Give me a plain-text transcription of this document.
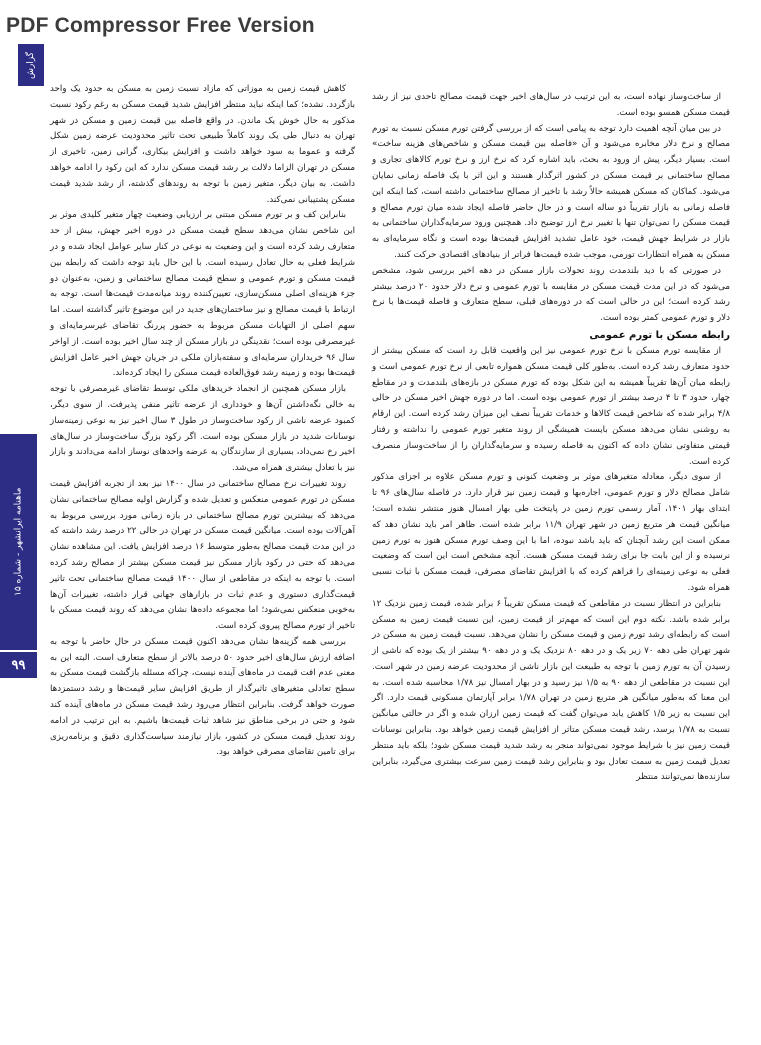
PDF Compressor Free Version
گزارش
ماهنامه ایرانشهر - شماره ۱۵
۹۹

از ساخت‌وساز نهاده است، به این ترتیب در سال‌های اخیر جهت قیمت مصالح تاحدی نیز از رشد قیمت مسکن همسو بوده است.

در بین میان آنچه اهمیت دارد توجه به پیامی است که از بررسی گرفتن تورم مسکن نسبت به تورم مصالح و نرخ دلار مخابره می‌شود و آن «فاصله بین قیمت مسکن و شاخص‌های هزینه ساخت» است. بسیار دیگر، پیش از ورود به بحث، باید اشاره کرد که نرخ ارز و نرخ تورم کالاهای تجاری و مصالح ساختمانی بر قیمت مسکن در کشور اثرگذار هستند و این اثر با یک فاصله زمانی نمایان می‌شود. کماکان که مسکن همیشه حالاً رشد با تاخیر از مصالح ساختمانی داشته است، کما اینکه این فاصله زمانی به بازار تقریباً دو ساله است و در حال حاضر فاصله ایجاد شده میان تورم مصالح و قیمت مسکن را نمی‌توان تنها با تغییر نرخ ارز توضیح داد. همچنین ورود سرمایه‌گذاران ساختمانی به بازار در شرایط جهش قیمت، خود عامل تشدید افزایش قیمت‌ها بوده است و نگاه سرمایه‌ای به مسکن به همراه انتظارات تورمی، موجب شده قیمت‌ها فراتر از بنیادهای اقتصادی حرکت کنند.

در صورتی که با دید بلندمدت روند تحولات بازار مسکن در دهه اخیر بررسی شود، مشخص می‌شود که در این مدت قیمت مسکن در مقایسه با تورم عمومی و نرخ دلار حدود ۲۰ درصد بیشتر رشد کرده است؛ این در حالی است که در دوره‌های قبلی، سطح متعارف و فاصله قیمت‌ها با نرخ دلار و تورم عمومی کمتر بوده است.

رابطه مسکن با تورم عمومی

از مقایسه تورم مسکن با نرخ تورم عمومی نیز این واقعیت قابل رد است که مسکن بیشتر از حدود متعارف رشد کرده است. به‌طور کلی قیمت مسکن همواره تابعی از نرخ تورم عمومی است و رابطه میان آن‌ها تقریباً همیشه به این شکل بوده که تورم مسکن در بازه‌های بلندمدت و در مقاطع چهار، حدود ۳ تا ۴ درصد بیشتر از تورم عمومی بوده است. اما در دوره جهش اخیر مسکن در حالی ۴/۸ برابر شده که شاخص قیمت کالاها و خدمات تقریباً نصف این میزان رشد کرده است. این ارقام به روشنی نشان می‌دهد مسکن بایست همیشگی از روند متغیر تورم عمومی را نداشته و رفتار قیمتی متفاوتی نشان داده که اکنون به فاصله رسیده و سرمایه‌گذاران را از ساخت‌وساز منصرف کرده است.

از سوی دیگر، معادله متغیرهای موثر بر وضعیت کنونی و تورم مسکن علاوه بر اجزای مذکور شامل مصالح دلار و تورم عمومی، اجاره‌بها و قیمت زمین نیز قرار دارد. در فاصله سال‌های ۹۶ تا ابتدای بهار ۱۴۰۱، آمار رسمی تورم زمین در پایتخت طی بهار امسال هنوز منتشر نشده است؛ میانگین قیمت هر متربع زمین در شهر تهران ۱۱/۹ برابر شده است. ظاهر امر باید نشان دهد که ممکن است این رشد آنچنان که باید باشد نبوده، اما با این وصف تورم مسکن هنوز به تورم زمین نرسیده و از این بابت جا برای رشد قیمت مسکن هست. آنچه مشخص است این است که وضعیت فعلی به نوعی زمینه‌ای را فراهم کرده که با افزایش تقاضای مصرفی، قیمت مسکن با ثبات نسبی همراه شود.

بنابراین در انتظار نسبت در مقاطعی که قیمت مسکن تقریباً ۶ برابر شده، قیمت زمین نزدیک ۱۲ برابر شده باشد. نکته دوم این است که مهم‌تر از قیمت زمین، این نسبت قیمت زمین به مسکن است که رابطه‌ای رشد تورم زمین و قیمت مسکن را نشان می‌دهد. نسبت قیمت زمین به مسکن در شهر تهران طی دهه ۷۰ زیر یک و در دهه ۸۰ نزدیک یک و در دهه ۹۰ بیشتر از یک بوده که ناشی از رسیدن آن به تورم زمین با توجه به طبیعت این بازار ناشی از محدودیت عرضه زمین در شهر است. این نسبت در مقاطعی از دهه ۹۰ به ۱/۵ نیز رسید و در بهار امسال نیز ۱/۷۸ محاسبه شده است. به این معنا که به‌طور میانگین هر متربع زمین در تهران ۱/۷۸ برابر آپارتمان مسکونی قیمت دارد. اگر این نسبت به زیر ۱/۵ کاهش یابد می‌توان گفت که قیمت زمین ارزان شده و اگر در حالتی میانگین نسبت به ۱/۷۸ برسد، رشد قیمت مسکن متاثر از افزایش قیمت زمین خواهد بود. بنابراین نوسانات قیمت زمین نیز با شرایط موجود نمی‌تواند منجر به رشد شدید قیمت مسکن شود؛ بلکه باید منتظر تعدیل قیمت زمین به سمت تعادل بود و بنابراین رشد قیمت زمین سرعت بیشتری می‌گیرد، بنابراین سازنده‌ها نمی‌توانند منتظر

کاهش قیمت زمین به موزاتی که مازاد نسبت زمین به مسکن به حدود یک واحد بازگردد. نشده؛ کما اینکه نباید منتظر افزایش شدید قیمت مسکن به رغم رکود نسبت مذکور به حال خوش یک ماندن. در واقع فاصله بین قیمت زمین و مسکن در شهر تهران به دنبال طی یک روند کاملاً طبیعی تحت تاثیر محدودیت عرضه زمین شکل گرفته و عموما به سود خواهد داشت و افزایش بیکاری، گرانی زمین، تاخیری از مسکن در تهران الزاما دلالت بر رشد قیمت مسکن ندارد که این رکود را ادامه خواهد داشت. به بیان دیگر، متغیر زمین با توجه به روندهای گذشته، از رشد شدید قیمت مسکن پشتیبانی نمی‌کند.

بنابراین کف و بر تورم مسکن مبتنی بر ارزیابی وضعیت چهار متغیر کلیدی موثر بر این شاخص نشان می‌دهد سطح قیمت مسکن در دوره اخیر جهش، بیش از حد متعارف رشد کرده است و این وضعیت به نوعی در کنار سایر عوامل ایجاد شده و در شرایط فعلی به حال تعادل رسیده است. با این حال باید توجه داشت که رابطه بین قیمت مسکن و تورم عمومی و سطح قیمت مصالح ساختمانی و زمین، به‌عنوان دو جزء هزینه‌ای اصلی مسکن‌سازی، تعیین‌کننده روند میانه‌مدت قیمت‌ها است. توجه به ارتباط با قیمت مصالح و نیز ساختمان‌های جدید در این موضوع تاثیر گذاشته است. اما سهم اصلی از التهابات مسکن مربوط به حضور پررنگ تقاضای غیرسرمایه‌ای و غیرمصرفی بوده است؛ نقدینگی در بازار مسکن از چند سال اخیر بوده است. از اواخر سال ۹۶ خریداران سرمایه‌ای و سفته‌بازان ملکی در جریان جهش اخیر عامل افزایش قیمت‌ها بوده و زمینه رشد فوق‌العاده قیمت مسکن را ایجاد کرده‌اند.

بازار مسکن همچنین از انجماد خریدهای ملکی توسط تقاضای غیرمصرفی با توجه به خالی نگه‌داشتن آن‌ها و خودداری از عرضه تاثیر منفی پذیرفت. از سوی دیگر، کمبود عرضه ناشی از رکود ساخت‌وساز در طول ۳ سال اخیر نیز به نوعی زمینه‌ساز نوسانات شدید در بازار مسکن بوده است. اگر رکود بزرگ ساخت‌وساز در سال‌های اخیر رخ نمی‌داد، بسیاری از سازندگان به عرضه واحدهای نوساز ادامه می‌دادند و بازار نیز با تعادل بیشتری همراه می‌شد.

روند تغییرات نرخ مصالح ساختمانی در سال ۱۴۰۰ نیز بعد از تجربه افزایش قیمت مسکن در تورم عمومی منعکس و تعدیل شده و گزارش اولیه مصالح ساختمانی نشان می‌دهد که بیشترین تورم مصالح ساختمانی در بازه زمانی مورد بررسی مربوط به آهن‌آلات بوده است. میانگین قیمت مسکن در تهران در حالی ۲۲ درصد رشد داشته که در این مدت قیمت مصالح به‌طور متوسط ۱۶ درصد افزایش یافت. این مشاهده نشان می‌دهد که حتی در رکود بازار مسکن نیز قیمت مسکن بیشتر از مصالح رشد کرده است. با توجه به اینکه در مقاطعی از سال ۱۴۰۰ قیمت مصالح ساختمانی تحت تاثیر قیمت‌گذاری دستوری و عدم ثبات در بازارهای جهانی قرار داشته، تغییرات آن‌ها به‌خوبی منعکس نمی‌شود؛ اما مجموعه داده‌ها نشان می‌دهد که روند قیمت مسکن با تاخیر از تورم مصالح پیروی کرده است.

بررسی همه گزینه‌ها نشان می‌دهد اکنون قیمت مسکن در حال حاضر با توجه به اضافه ارزش سال‌های اخیر حدود ۵۰ درصد بالاتر از سطح متعارف است. البته این به معنی عدم افت قیمت در ماه‌های آینده نیست، چراکه مسئله بازگشت قیمت مسکن به سطح تعادلی متغیرهای تاثیرگذار از طریق افزایش سایر قیمت‌ها و رشد دستمزدها صورت خواهد گرفت. بنابراین انتظار می‌رود رشد قیمت مسکن در ماه‌های آینده کند شود و حتی در برخی مناطق نیز شاهد ثبات قیمت‌ها باشیم. به این ترتیب در ادامه روند تعدیل قیمت مسکن در کشور، بازار نیازمند سیاست‌گذاری دقیق و برنامه‌ریزی برای تامین تقاضای مصرفی خواهد بود.
